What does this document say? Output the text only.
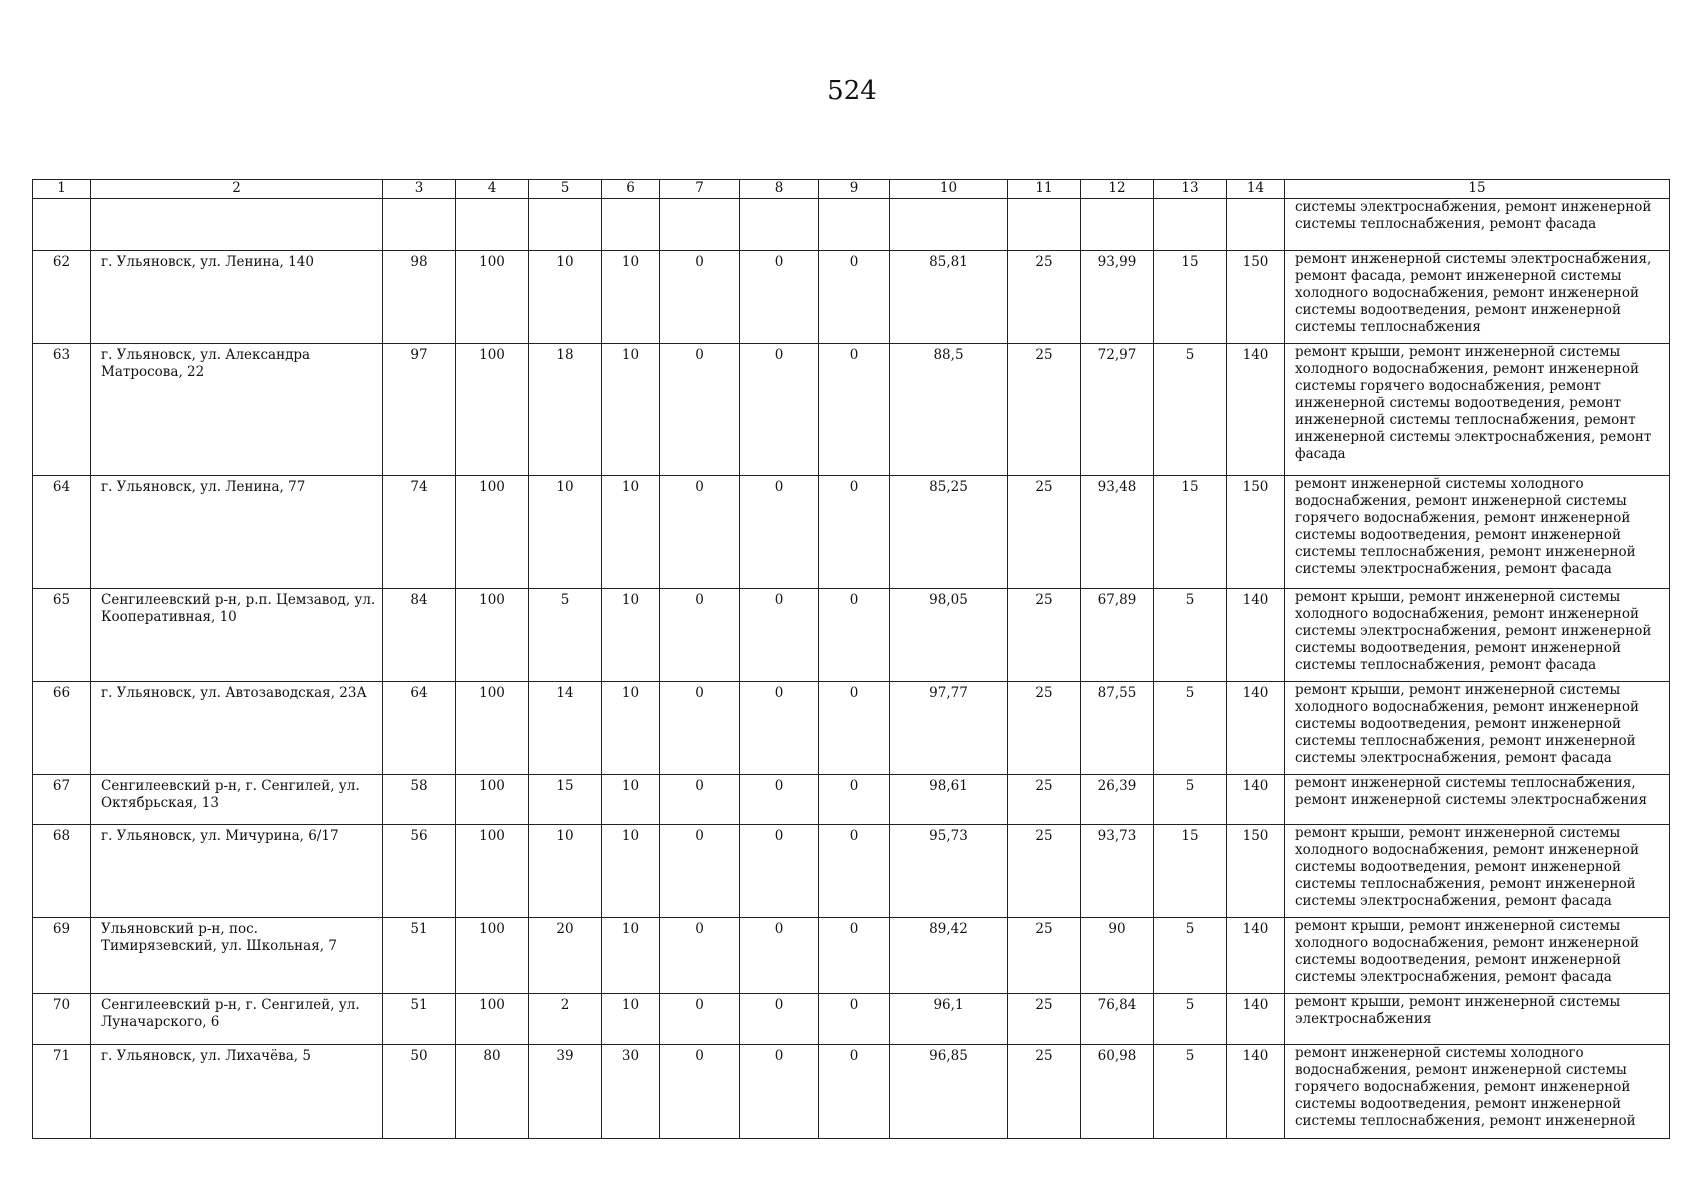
524
1	2	3	4	5	6	7	8	9	10	11	12	13	14	15
														системы электроснабжения, ремонт инженерной системы теплоснабжения, ремонт фасада
62	г. Ульяновск, ул. Ленина, 140	98	100	10	10	0	0	0	85,81	25	93,99	15	150	ремонт инженерной системы электроснабжения, ремонт фасада, ремонт инженерной системы холодного водоснабжения, ремонт инженерной системы водоотведения, ремонт инженерной системы теплоснабжения
63	г. Ульяновск, ул. Александра Матросова, 22	97	100	18	10	0	0	0	88,5	25	72,97	5	140	ремонт крыши, ремонт инженерной системы холодного водоснабжения, ремонт инженерной системы горячего водоснабжения, ремонт инженерной системы водоотведения, ремонт инженерной системы теплоснабжения, ремонт инженерной системы электроснабжения, ремонт фасада
64	г. Ульяновск, ул. Ленина, 77	74	100	10	10	0	0	0	85,25	25	93,48	15	150	ремонт инженерной системы холодного водоснабжения, ремонт инженерной системы горячего водоснабжения, ремонт инженерной системы водоотведения, ремонт инженерной системы теплоснабжения, ремонт инженерной системы электроснабжения, ремонт фасада
65	Сенгилеевский р-н, р.п. Цемзавод, ул. Кооперативная, 10	84	100	5	10	0	0	0	98,05	25	67,89	5	140	ремонт крыши, ремонт инженерной системы холодного водоснабжения, ремонт инженерной системы электроснабжения, ремонт инженерной системы водоотведения, ремонт инженерной системы теплоснабжения, ремонт фасада
66	г. Ульяновск, ул. Автозаводская, 23А	64	100	14	10	0	0	0	97,77	25	87,55	5	140	ремонт крыши, ремонт инженерной системы холодного водоснабжения, ремонт инженерной системы водоотведения, ремонт инженерной системы теплоснабжения, ремонт инженерной системы электроснабжения, ремонт фасада
67	Сенгилеевский р-н, г. Сенгилей, ул. Октябрьская, 13	58	100	15	10	0	0	0	98,61	25	26,39	5	140	ремонт инженерной системы теплоснабжения, ремонт инженерной системы электроснабжения
68	г. Ульяновск, ул. Мичурина, 6/17	56	100	10	10	0	0	0	95,73	25	93,73	15	150	ремонт крыши, ремонт инженерной системы холодного водоснабжения, ремонт инженерной системы водоотведения, ремонт инженерной системы теплоснабжения, ремонт инженерной системы электроснабжения, ремонт фасада
69	Ульяновский р-н, пос. Тимирязевский, ул. Школьная, 7	51	100	20	10	0	0	0	89,42	25	90	5	140	ремонт крыши, ремонт инженерной системы холодного водоснабжения, ремонт инженерной системы водоотведения, ремонт инженерной системы электроснабжения, ремонт фасада
70	Сенгилеевский р-н, г. Сенгилей, ул. Луначарского, 6	51	100	2	10	0	0	0	96,1	25	76,84	5	140	ремонт крыши, ремонт инженерной системы электроснабжения
71	г. Ульяновск, ул. Лихачёва, 5	50	80	39	30	0	0	0	96,85	25	60,98	5	140	ремонт инженерной системы холодного водоснабжения, ремонт инженерной системы горячего водоснабжения, ремонт инженерной системы водоотведения, ремонт инженерной системы теплоснабжения, ремонт инженерной
